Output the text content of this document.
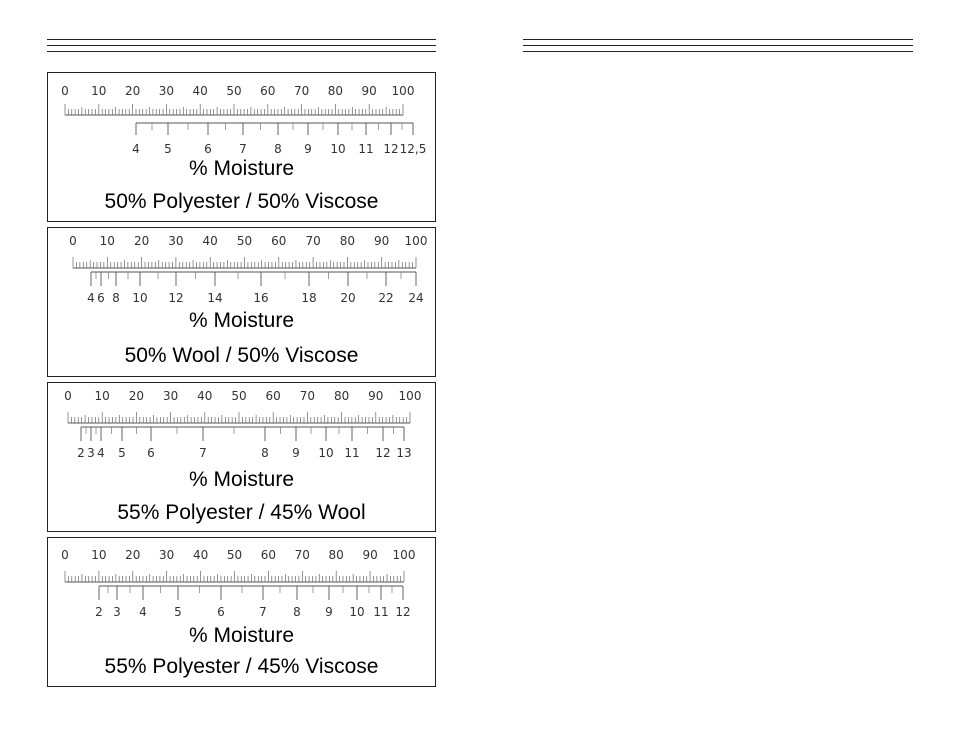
0 10 20 30 40 50 60 70 80 90 100
4 5	6 7 8 9 10 11 12 12,5
% Moisture
50% Polyester / 50% Viscose
0 10 20 30 40 50 60 70 80 90 100
4 6 8 10 12 14	16	18 20 22 24
% Moisture
50% Wool / 50% Viscose
0 10 20 30 40 50 60 70 80 90 100
2 3 4 5 6	7	8 9 10 11 12 13
% Moisture
55% Polyester / 45% Wool
0 10 20 30 40 50 60 70 80 90 100
2 3 4 5	6	7 8 9 10 11 12
% Moisture
55% Polyester / 45% Viscose
